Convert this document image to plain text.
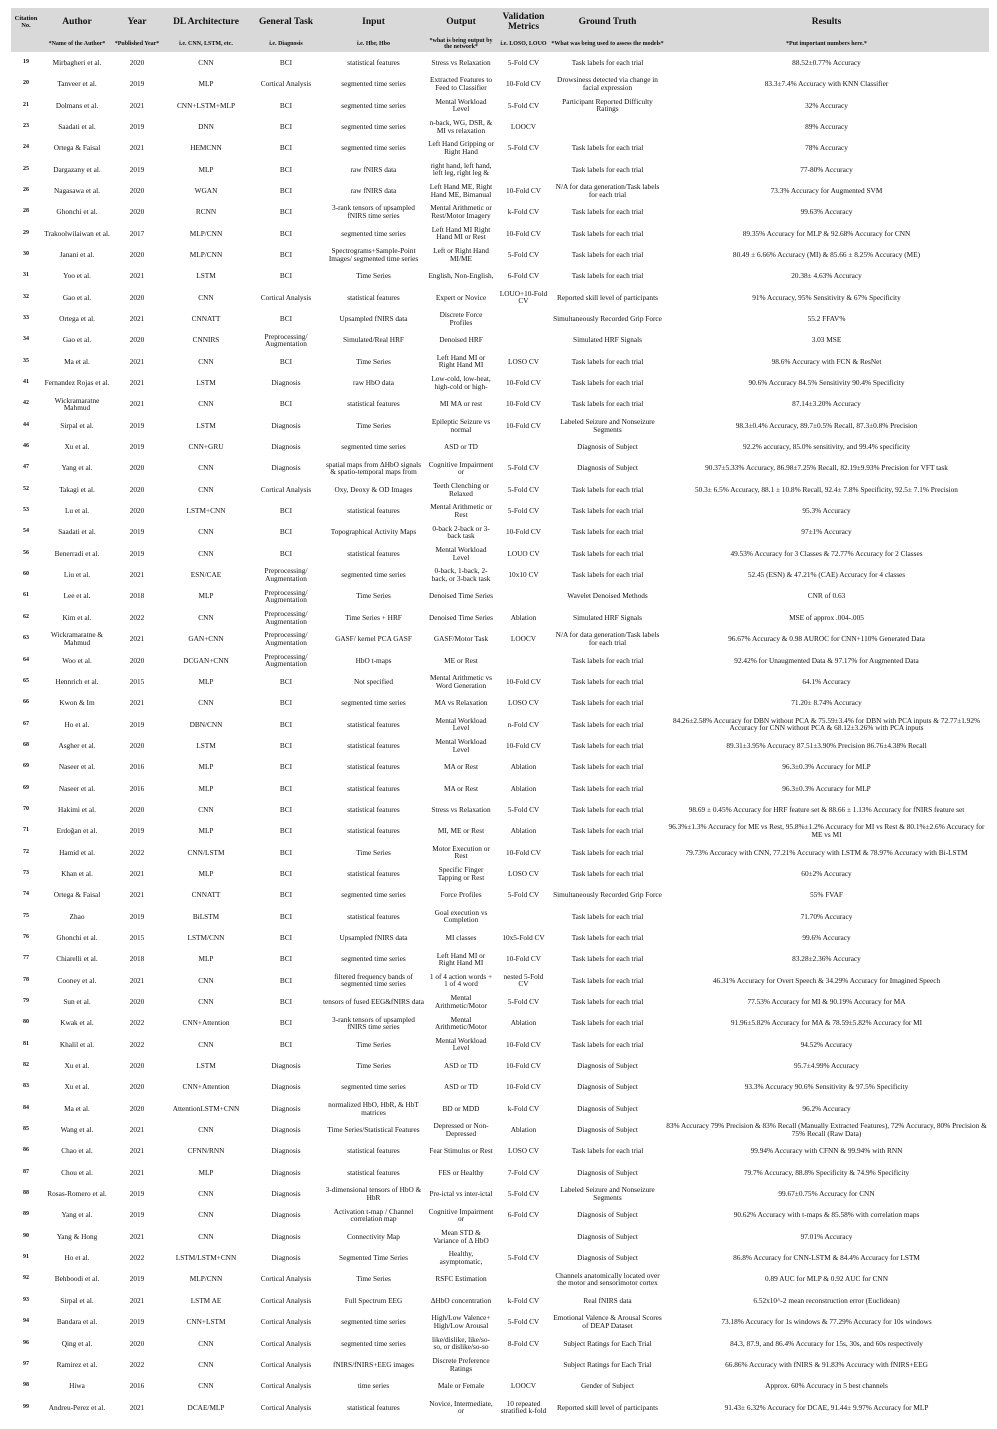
Citation No.	Author	Year	DL Architecture	General Task	Input	Output	Validation Metrics	Ground Truth	Results
	*Name of the Author*	*Published Year*	i.e. CNN, LSTM, etc.	i.e. Diagnosis	i.e. Hbr, Hbo	*what is being output by the network*	i.e. LOSO, LOUO	*What was being used to assess the models*	*Put important numbers here.*
19	Mirbagheri et al.	2020	CNN	BCI	statistical features	Stress vs Relaxation	5-Fold CV	Task labels for each trial	88.52±0.77% Accuracy
20	Tanveer et al.	2019	MLP	Cortical Analysis	segmented time series	Extracted Features to Feed to Classifier	10-Fold CV	Drowsiness detected via change in facial expression	83.3±7.4% Accuracy with KNN Classifier
21	Dolmans et al.	2021	CNN+LSTM+MLP	BCI	segmented time series	Mental Workload Level	5-Fold CV	Participant Reported Difficulty Ratings	32% Accuracy
23	Saadati et al.	2019	DNN	BCI	segmented time series	n-back, WG, DSR, & MI vs relaxation	LOOCV		89% Accuracy
24	Ortega & Faisal	2021	HEMCNN	BCI	segmented time series	Left Hand Gripping or Right Hand	5-Fold CV	Task labels for each trial	78% Accuracy
25	Dargazany et al.	2019	MLP	BCI	raw fNIRS data	right hand, left hand, left leg, right leg &		Task labels for each trial	77-80% Accuracy
26	Nagasawa et al.	2020	WGAN	BCI	raw fNIRS data	Left Hand ME, Right Hand ME, Bimanual	10-Fold CV	N/A for data generation/Task labels for each trial	73.3% Accuracy for Augmented SVM
28	Ghonchi et al.	2020	RCNN	BCI	3-rank tensors of upsampled fNIRS time series	Mental Arithmetic or Rest/Motor Imagery	k-Fold CV	Task labels for each trial	99.63% Accuracy
29	Trakoolwilaiwan et al.	2017	MLP/CNN	BCI	segmented time series	Left Hand MI Right Hand MI or Rest	10-Fold CV	Task labels for each trial	89.35% Accuracy for MLP & 92.68% Accuracy for CNN
30	Janani et al.	2020	MLP/CNN	BCI	Spectrograms+Sample-Point Images/ segmented time series	Left or Right Hand MI/ME	5-Fold CV	Task labels for each trial	80.49 ± 6.66% Accuracy (MI) & 85.66 ± 8.25% Accuracy (ME)
31	Yoo et al.	2021	LSTM	BCI	Time Series	English, Non-English,	6-Fold CV	Task labels for each trial	20.38± 4.63% Accuracy
32	Gao et al.	2020	CNN	Cortical Analysis	statistical features	Expert or Novice	LOUO+10-Fold CV	Reported skill level of participants	91% Accuracy, 95% Sensitivity & 67% Specificity
33	Ortega et al.	2021	CNNATT	BCI	Upsampled fNIRS data	Discrete Force Profiles		Simultaneously Recorded Grip Force	55.2 FFAV%
34	Gao et al.	2020	CNNIRS	Preprocessing/ Augmentation	Simulated/Real HRF	Denoised HRF		Simulated HRF Signals	3.03 MSE
35	Ma et al.	2021	CNN	BCI	Time Series	Left Hand MI or Right Hand MI	LOSO CV	Task labels for each trial	98.6% Accuracy with FCN & ResNet
41	Fernandez Rojas et al.	2021	LSTM	Diagnosis	raw HbO data	Low-cold, low-heat, high-cold or high-	10-Fold CV	Task labels for each trial	90.6% Accuracy 84.5% Sensitivity 90.4% Specificity
42	Wickramaratne Mahmud	2021	CNN	BCI	statistical features	MI MA or rest	10-Fold CV	Task labels for each trial	87.14±3.20% Accuracy
44	Sirpal et al.	2019	LSTM	Diagnosis	Time Series	Epileptic Seizure vs normal	10-Fold CV	Labeled Seizure and Nonseizure Segments	98.3±0.4% Accuracy, 89.7±0.5% Recall, 87.3±0.8% Precision
46	Xu et al.	2019	CNN+GRU	Diagnosis	segmented time series	ASD or TD		Diagnosis of Subject	92.2% accuracy, 85.0% sensitivity, and 99.4% specificity
47	Yang et al.	2020	CNN	Diagnosis	spatial maps from ΔHbO signals & spatio-temporal maps from	Cognitive Impairment or	5-Fold CV	Diagnosis of Subject	90.37±5.33% Accuracy, 86.98±7.25% Recall, 82.19±9.93% Precision for VFT task
52	Takagi et al.	2020	CNN	Cortical Analysis	Oxy, Deoxy & OD Images	Teeth Clenching or Relaxed	5-Fold CV	Task labels for each trial	50.3± 6.5% Accuracy, 88.1 ± 10.8% Recall, 92.4± 7.8% Specificity, 92.5± 7.1% Precision
53	Lu et al.	2020	LSTM+CNN	BCI	statistical features	Mental Arithmetic or Rest	5-Fold CV	Task labels for each trial	95.3% Accuracy
54	Saadati et al.	2019	CNN	BCI	Topographical Activity Maps	0-back 2-back or 3-back task	10-Fold CV	Task labels for each trial	97±1% Accuracy
56	Benerradi et al.	2019	CNN	BCI	statistical features	Mental Workload Level	LOUO CV	Task labels for each trial	49.53% Accuracy for 3 Classes & 72.77% Accuracy for 2 Classes
60	Liu et al.	2021	ESN/CAE	Preprocessing/ Augmentation	segmented time series	0-back, 1-back, 2-back, or 3-back task	10x10 CV	Task labels for each trial	52.45 (ESN) & 47.21% (CAE) Accuracy for 4 classes
61	Lee et al.	2018	MLP	Preprocessing/ Augmentation	Time Series	Denoised Time Series		Wavelet Denoised Methods	CNR of 0.63
62	Kim et al.	2022	CNN	Preprocessing/ Augmentation	Time Series + HRF	Denoised Time Series	Ablation	Simulated HRF Signals	MSE of approx .004-.005
63	Wickramaratne & Mahmud	2021	GAN+CNN	Preprocessing/ Augmentation	GASF/ kernel PCA GASF	GASF/Motor Task	LOOCV	N/A for data generation/Task labels for each trial	96.67% Accuracy & 0.98 AUROC for CNN+110% Generated Data
64	Woo et al.	2020	DCGAN+CNN	Preprocessing/ Augmentation	HbO t-maps	ME or Rest		Task labels for each trial	92.42% for Unaugmented Data & 97.17% for Augmented Data
65	Hennrich et al.	2015	MLP	BCI	Not specified	Mental Arithmetic vs Word Generation	10-Fold CV	Task labels for each trial	64.1% Accuracy
66	Kwon & Im	2021	CNN	BCI	segmented time series	MA vs Relaxation	LOSO CV	Task labels for each trial	71.20± 8.74% Accuracy
67	Ho et al.	2019	DBN/CNN	BCI	statistical features	Mental Workload Level	n-Fold CV	Task labels for each trial	84.26±2.58% Accuracy for DBN without PCA & 75.59±3.4% for DBN with PCA inputs & 72.77±1.92% Accuracy for CNN without PCA & 68.12±3.26% with PCA inputs
68	Asgher et al.	2020	LSTM	BCI	statistical features	Mental Workload Level	10-Fold CV	Task labels for each trial	89.31±3.95% Accuracy 87.51±3.90% Precision 86.76±4.38% Recall
69	Naseer et al.	2016	MLP	BCI	statistical features	MA or Rest	Ablation	Task labels for each trial	96.3±0.3% Accuracy for MLP
69	Naseer et al.	2016	MLP	BCI	statistical features	MA or Rest	Ablation	Task labels for each trial	96.3±0.3% Accuracy for MLP
70	Hakimi et al.	2020	CNN	BCI	statistical features	Stress vs Relaxation	5-Fold CV	Task labels for each trial	98.69 ± 0.45% Accuracy for HRF feature set & 88.66 ± 1.13% Accuracy for fNIRS feature set
71	Erdoğan et al.	2019	MLP	BCI	statistical features	MI, ME or Rest	Ablation	Task labels for each trial	96.3%±1.3% Accuracy for ME vs Rest, 95.8%±1.2% Accuracy for MI vs Rest & 80.1%±2.6% Accuracy for ME vs MI
72	Hamid et al.	2022	CNN/LSTM	BCI	Time Series	Motor Execution or Rest	10-Fold CV	Task labels for each trial	79.73% Accuracy with CNN, 77.21% Accuracy with LSTM & 78.97% Accuracy with Bi-LSTM
73	Khan et al.	2021	MLP	BCI	statistical features	Specific Finger Tapping or Rest	LOSO CV	Task labels for each trial	60±2% Accuracy
74	Ortega & Faisal	2021	CNNATT	BCI	segmented time series	Force Profiles	5-Fold CV	Simultaneously Recorded Grip Force	55% FVAF
75	Zhao	2019	BiLSTM	BCI	statistical features	Goal execution vs Completion		Task labels for each trial	71.70% Accuracy
76	Ghonchi et al.	2015	LSTM/CNN	BCI	Upsampled fNIRS data	MI classes	10x5-Fold CV	Task labels for each trial	99.6% Accuracy
77	Chiarelli et al.	2018	MLP	BCI	segmented time series	Left Hand MI or Right Hand MI	10-Fold CV	Task labels for each trial	83.28±2.36% Accuracy
78	Cooney et al.	2021	CNN	BCI	filtered frequency bands of segmented time series	1 of 4 action words + 1 of 4 word	nested 5-Fold CV	Task labels for each trial	46.31% Accuracy for Overt Speech & 34.29% Accuracy for Imagined Speech
79	Sun et al.	2020	CNN	BCI	tensors of fused EEG&fNIRS data	Mental Arithmetic/Motor	5-Fold CV	Task labels for each trial	77.53% Accuracy for MI & 90.19% Accuracy for MA
80	Kwak et al.	2022	CNN+Attention	BCI	3-rank tensors of upsampled fNIRS time series	Mental Arithmetic/Motor	Ablation	Task labels for each trial	91.96±5.82% Accuracy for MA & 78.59±5.82% Accuracy for MI
81	Khalil et al.	2022	CNN	BCI	Time Series	Mental Workload Level	10-Fold CV	Task labels for each trial	94.52% Accuracy
82	Xu et al.	2020	LSTM	Diagnosis	Time Series	ASD or TD	10-Fold CV	Diagnosis of Subject	95.7±4.99% Accuracy
83	Xu et al.	2020	CNN+Attention	Diagnosis	segmented time series	ASD or TD	10-Fold CV	Diagnosis of Subject	93.3% Accuracy 90.6% Sensitivity & 97.5% Specificity
84	Ma et al.	2020	AttentionLSTM+CNN	Diagnosis	normalized HbO, HbR, & HbT matrices	BD or MDD	k-Fold CV	Diagnosis of Subject	96.2% Accuracy
85	Wang et al.	2021	CNN	Diagnosis	Time Series/Statistical Features	Depressed or Non-Depressed	Ablation	Diagnosis of Subject	83% Accuracy 79% Precision & 83% Recall (Manually Extracted Features), 72% Accuracy, 80% Precision & 75% Recall (Raw Data)
86	Chao et al.	2021	CFNN/RNN	Diagnosis	statistical features	Fear Stimulus or Rest	LOSO CV	Task labels for each trial	99.94% Accuracy with CFNN & 99.94% with RNN
87	Chou et al.	2021	MLP	Diagnosis	statistical features	FES or Healthy	7-Fold CV	Diagnosis of Subject	79.7% Accuracy, 88.8% Specificity & 74.9% Specificity
88	Rosas-Romero et al.	2019	CNN	Diagnosis	3-dimensional tensors of HbO & HbR	Pre-ictal vs inter-ictal	5-Fold CV	Labeled Seizure and Nonseizure Segments	99.67±0.75% Accuracy for CNN
89	Yang et al.	2019	CNN	Diagnosis	Activation t-map / Channel correlation map	Cognitive Impairment or	6-Fold CV	Diagnosis of Subject	90.62% Accuracy with t-maps & 85.58% with correlation maps
90	Yang & Hong	2021	CNN	Diagnosis	Connectivity Map	Mean STD & Variance of Δ HbO		Diagnosis of Subject	97.01% Accuracy
91	Ho et al.	2022	LSTM/LSTM+CNN	Diagnosis	Segmented Time Series	Healthy, asymptomatic,	5-Fold CV	Diagnosis of Subject	86.8% Accuracy for CNN-LSTM & 84.4% Accuracy for LSTM
92	Behboodi et al.	2019	MLP/CNN	Cortical Analysis	Time Series	RSFC Estimation		Channels anatomically located over the motor and sensorimotor cortex	0.89 AUC for MLP & 0.92 AUC for CNN
93	Sirpal et al.	2021	LSTM AE	Cortical Analysis	Full Spectrum EEG	ΔHbO concentration	k-Fold CV	Real fNIRS data	6.52x10^-2 mean reconstruction error (Euclidean)
94	Bandara et al.	2019	CNN+LSTM	Cortical Analysis	segmented time series	High/Low Valence+ High/Low Arousal	5-Fold CV	Emotional Valence & Arousal Scores of DEAP Dataset	73.18% Accuracy for 1s windows & 77.29% Accuracy for 10s windows
96	Qing et al.	2020	CNN	Cortical Analysis	segmented time series	like/dislike, like/so-so, or dislike/so-so	8-Fold CV	Subject Ratings for Each Trial	84.3, 87.9, and 86.4% Accuracy for 15s, 30s, and 60s respectively
97	Ramirez et al.	2022	CNN	Cortical Analysis	fNIRS/fNIRS+EEG images	Discrete Preference Ratings		Subject Ratings for Each Trial	66.86% Accuracy with fNIRS & 91.83% Accuracy with fNIRS+EEG
98	Hiwa	2016	CNN	Cortical Analysis	time series	Male or Female	LOOCV	Gender of Subject	Approx. 60% Accuracy in 5 best channels
99	Andreu-Perez et al.	2021	DCAE/MLP	Cortical Analysis	statistical features	Novice, Intermediate, or	10 repeated stratified k-fold	Reported skill level of participants	91.43± 6.32% Accuracy for DCAE, 91.44± 9.97% Accuracy for MLP
